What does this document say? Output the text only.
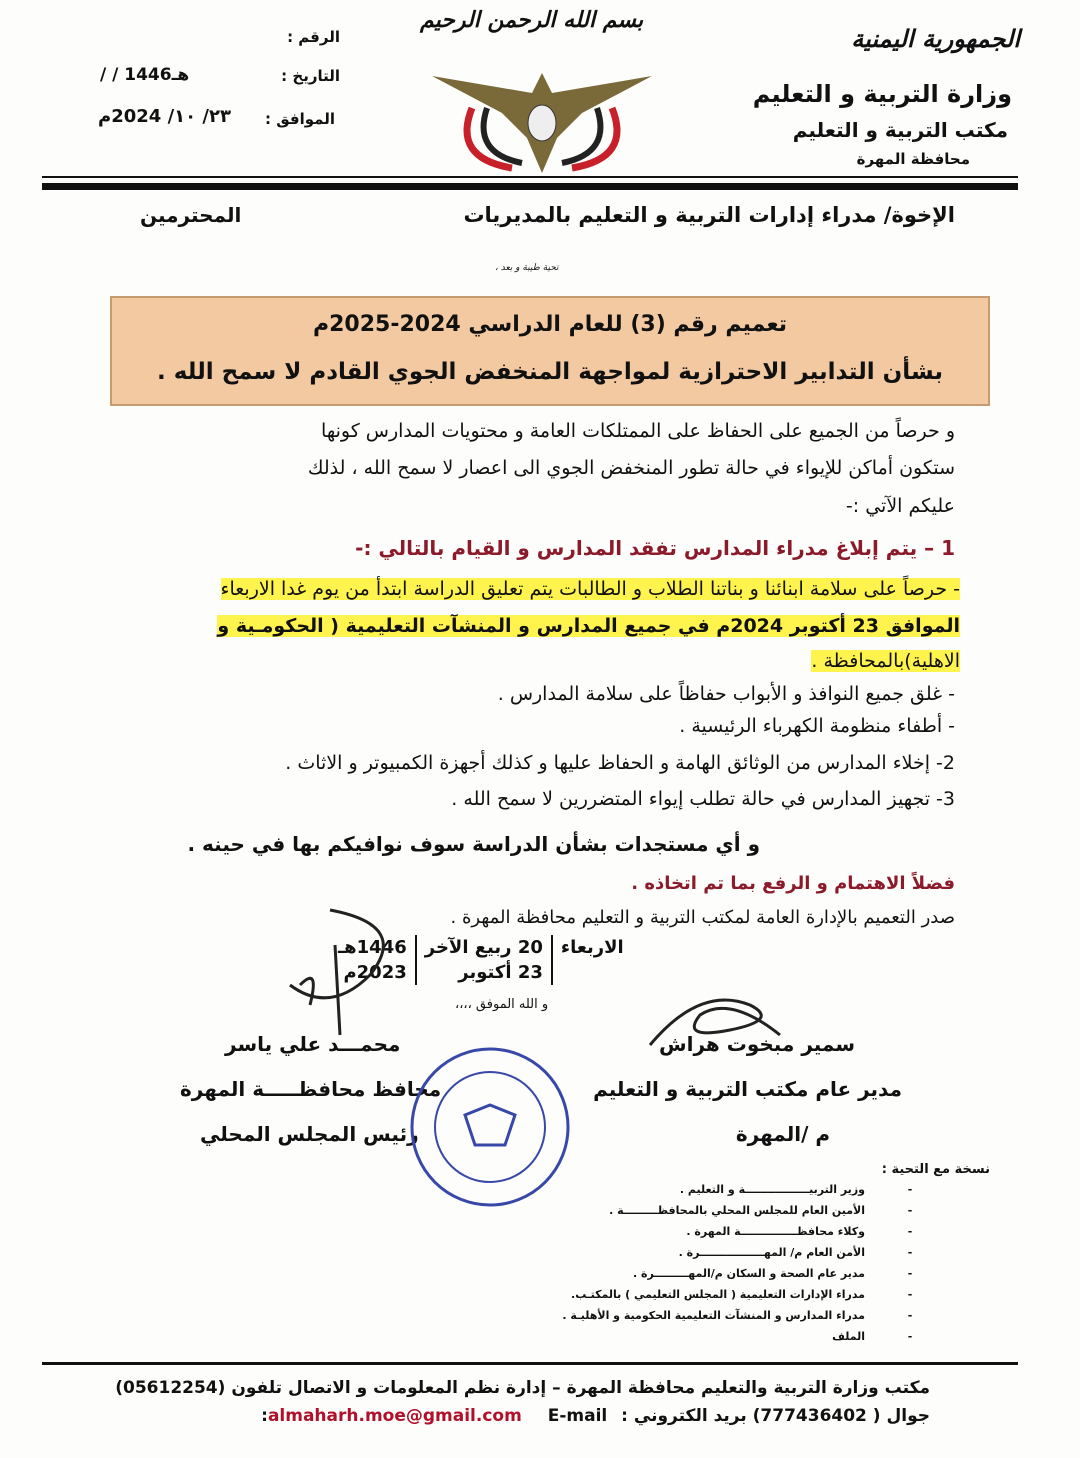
الجمهورية اليمنية
وزارة التربية و التعليم
مكتب التربية و التعليم
محافظة المهرة
بسم الله الرحمن الرحيم
الرقم :
التاريخ :
/ / 1446هـ
الموافق :
٢٣/ ١٠/ 2024م
الإخوة/ مدراء إدارات التربية و التعليم بالمديريات
المحترمين
تحية طيبة و بعد ،
تعميم رقم (3) للعام الدراسي 2024-2025م
بشأن التدابير الاحترازية لمواجهة المنخفض الجوي القادم لا سمح الله .
و حرصاً من الجميع على الحفاظ على الممتلكات العامة و محتويات المدارس كونها
ستكون أماكن للإيواء في حالة تطور المنخفض الجوي الى اعصار لا سمح الله ، لذلك
عليكم الآتي :-
1 – يتم إبلاغ مدراء المدارس تفقد المدارس و القيام بالتالي :-
- حرصاً على سلامة ابنائنا و بناتنا الطلاب و الطالبات يتم تعليق الدراسة ابتدأ من يوم غدا الاربعاء
الموافق 23 أكتوبر 2024م في جميع المدارس و المنشآت التعليمية ( الحكومـية و
الاهلية)بالمحافظة .
- غلق جميع النوافذ و الأبواب حفاظاً على سلامة المدارس .
- أطفاء منظومة الكهرباء الرئيسية .
2- إخلاء المدارس من الوثائق الهامة و الحفاظ عليها و كذلك أجهزة الكمبيوتر و الاثاث .
3- تجهيز المدارس في حالة تطلب إيواء المتضررين لا سمح الله .
و أي مستجدات بشأن الدراسة سوف نوافيكم بها في حينه .
فضلاً الاهتمام و الرفع بما تم اتخاذه .
صدر التعميم بالإدارة العامة لمكتب التربية و التعليم محافظة المهرة .
الاربعاء	20 ربيع الآخر	1446هـ
	23 أكتوبر	2023م
و الله الموفق ،،،،
سمير مبخوت هراش
مدير عام مكتب التربية و التعليم
م /المهرة
محمـــد علي ياسر
محافظ محافظـــــة المهرة
رئيس المجلس المحلي
نسخة مع التحية :
-وزير التربيـــــــــــــــــة و التعليم .
-الأمين العام للمجلس المحلي بالمحافظـــــــــة .
-وكلاء محافظـــــــــــــــة المهرة .
-الأمن العام م/ المهـــــــــــــــــرة .
-مدير عام الصحة و السكان م/المهـــــــــرة .
-مدراء الإدارات التعليمية ( المجلس التعليمي ) بالمكتـب.
-مدراء المدارس و المنشآت التعليمية الحكومية و الأهليـة .
-الملف
مكتب وزارة التربية والتعليم محافظة المهرة – إدارة نظم المعلومات و الاتصال تلفون (05612254)
جوال ( 777436402) بريد الكتروني : almaharh.moe@gmail.com E-mail:
